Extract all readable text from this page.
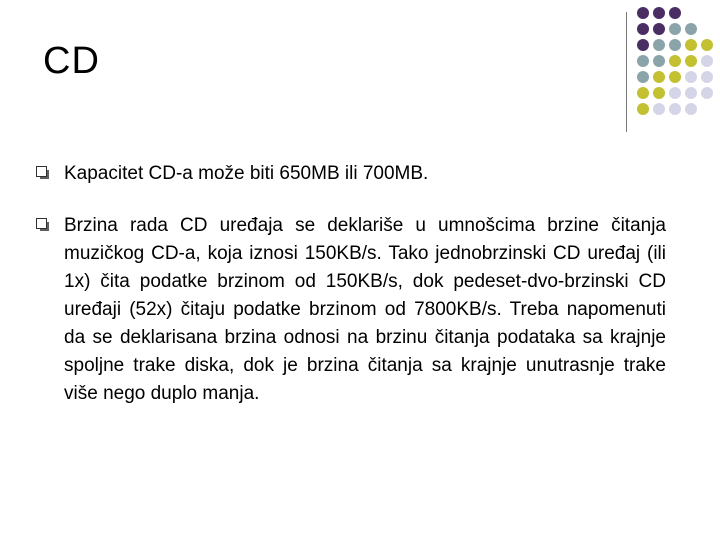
CD
Kapacitet CD-a može biti 650MB ili 700MB.
Brzina rada CD uređaja se deklariše u umnošcima brzine čitanja muzičkog CD-a, koja iznosi 150KB/s. Tako jednobrzinski CD uređaj (ili 1x) čita podatke brzinom od 150KB/s, dok pedeset-dvo-brzinski CD uređaji (52x) čitaju podatke brzinom od 7800KB/s. Treba napomenuti da se deklarisana brzina odnosi na brzinu čitanja podataka sa krajnje spoljne trake diska, dok je brzina čitanja sa krajnje unutrasnje trake više nego duplo manja.
